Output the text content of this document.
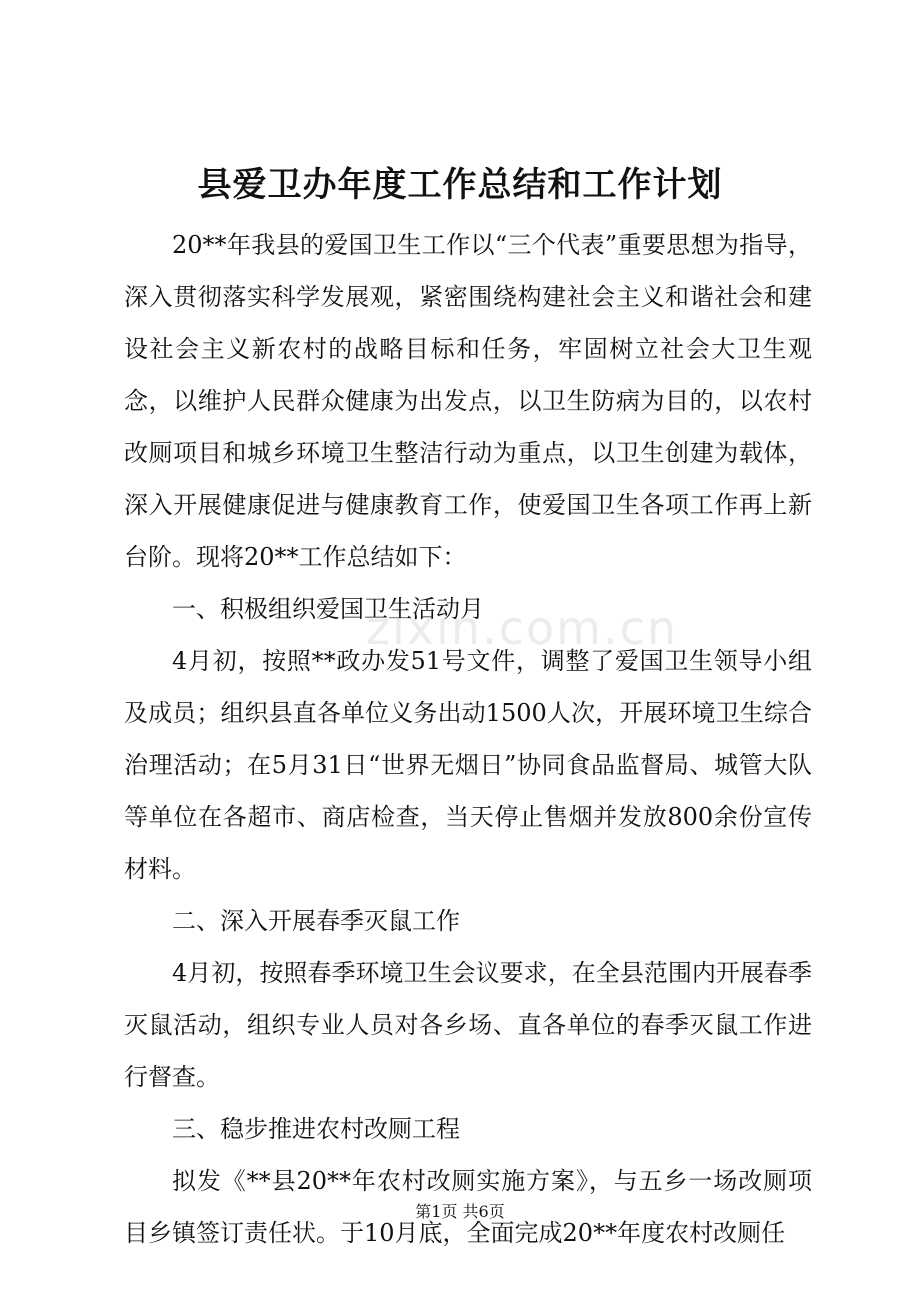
zixin.com.cn
县爱卫办年度工作总结和工作计划

20**年我县的爱国卫生工作以“三个代表”重要思想为指导，深入贯彻落实科学发展观，紧密围绕构建社会主义和谐社会和建设社会主义新农村的战略目标和任务，牢固树立社会大卫生观念，以维护人民群众健康为出发点，以卫生防病为目的，以农村改厕项目和城乡环境卫生整洁行动为重点，以卫生创建为载体，深入开展健康促进与健康教育工作，使爱国卫生各项工作再上新台阶。现将20**工作总结如下：

一、积极组织爱国卫生活动月

4月初，按照**政办发51号文件，调整了爱国卫生领导小组及成员；组织县直各单位义务出动1500人次，开展环境卫生综合治理活动；在5月31日“世界无烟日”协同食品监督局、城管大队等单位在各超市、商店检查，当天停止售烟并发放800余份宣传材料。

二、深入开展春季灭鼠工作

4月初，按照春季环境卫生会议要求，在全县范围内开展春季灭鼠活动，组织专业人员对各乡场、直各单位的春季灭鼠工作进行督查。

三、稳步推进农村改厕工程

拟发《**县20**年农村改厕实施方案》，与五乡一场改厕项目乡镇签订责任状。于10月底，全面完成20**年度农村改厕任

第1页 共6页
